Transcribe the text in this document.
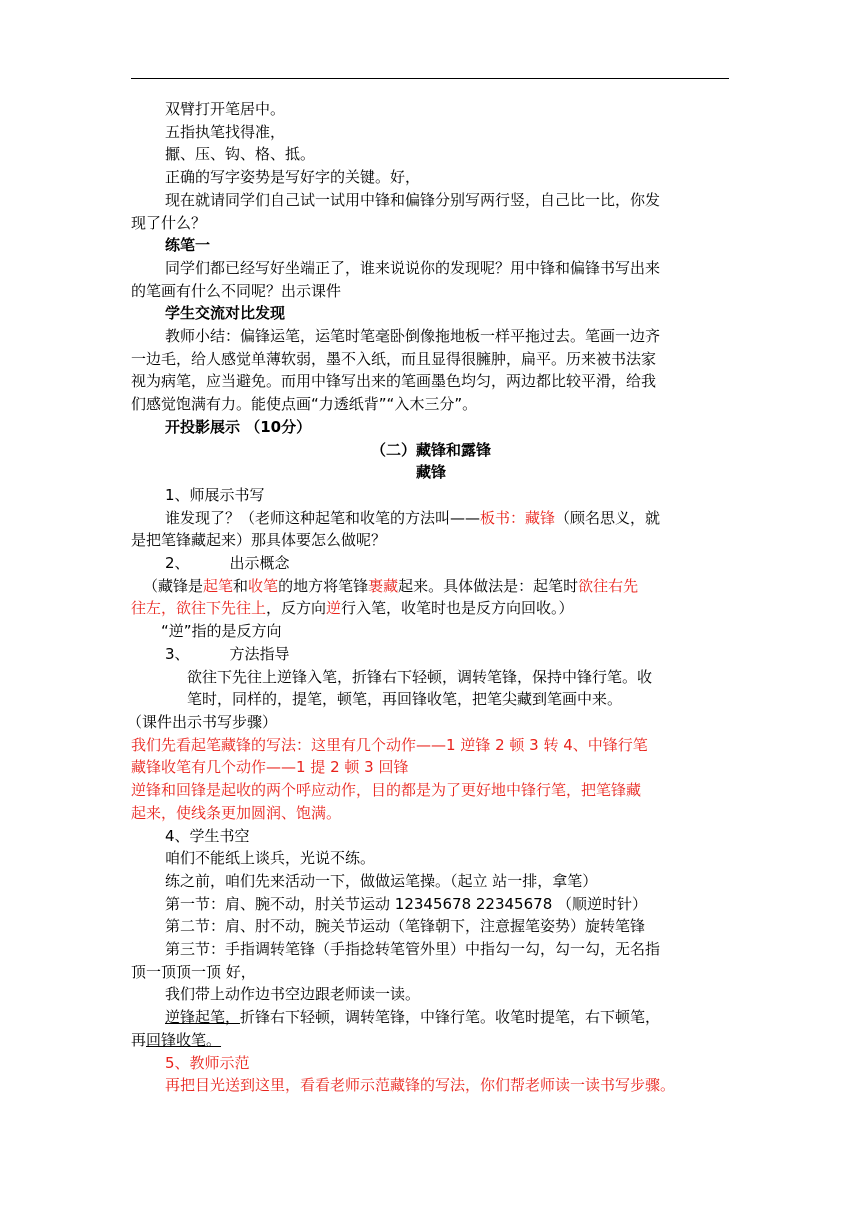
双臂打开笔居中。

五指执笔找得准，

擫、压、钩、格、抵。

正确的写字姿势是写好字的关键。好，

现在就请同学们自己试一试用中锋和偏锋分别写两行竖，自己比一比，你发

现了什么？

练笔一

同学们都已经写好坐端正了，谁来说说你的发现呢？用中锋和偏锋书写出来

的笔画有什么不同呢？出示课件

学生交流对比发现

教师小结：偏锋运笔，运笔时笔毫卧倒像拖地板一样平拖过去。笔画一边齐

一边毛，给人感觉单薄软弱，墨不入纸，而且显得很臃肿，扁平。历来被书法家

视为病笔，应当避免。而用中锋写出来的笔画墨色均匀，两边都比较平滑，给我

们感觉饱满有力。能使点画“力透纸背”“入木三分”。

开投影展示 （10分）

（二）藏锋和露锋

藏锋

1、师展示书写

谁发现了？（老师这种起笔和收笔的方法叫——板书：藏锋（顾名思义，就

是把笔锋藏起来）那具体要怎么做呢？

2、	出示概念

（藏锋是起笔和收笔的地方将笔锋裹藏起来。具体做法是：起笔时欲往右先

往左，欲往下先往上，反方向逆行入笔，收笔时也是反方向回收。）

“逆”指的是反方向

3、	方法指导

欲往下先往上逆锋入笔，折锋右下轻顿，调转笔锋，保持中锋行笔。收

笔时，同样的，提笔，顿笔，再回锋收笔，把笔尖藏到笔画中来。

（课件出示书写步骤）

我们先看起笔藏锋的写法：这里有几个动作——1 逆锋 2 顿 3 转 4、中锋行笔

藏锋收笔有几个动作——1 提 2 顿 3 回锋

逆锋和回锋是起收的两个呼应动作，目的都是为了更好地中锋行笔，把笔锋藏

起来，使线条更加圆润、饱满。

4、学生书空

咱们不能纸上谈兵，光说不练。

练之前，咱们先来活动一下，做做运笔操。（起立 站一排，拿笔）

第一节：肩、腕不动，肘关节运动 12345678 22345678 （顺逆时针）

第二节：肩、肘不动，腕关节运动（笔锋朝下，注意握笔姿势）旋转笔锋

第三节：手指调转笔锋（手指捻转笔管外里）中指勾一勾，勾一勾，无名指

顶一顶顶一顶 好，

我们带上动作边书空边跟老师读一读。

逆锋起笔，折锋右下轻顿，调转笔锋，中锋行笔。收笔时提笔，右下顿笔，

再回锋收笔。

5、教师示范

再把目光送到这里，看看老师示范藏锋的写法，你们帮老师读一读书写步骤。
